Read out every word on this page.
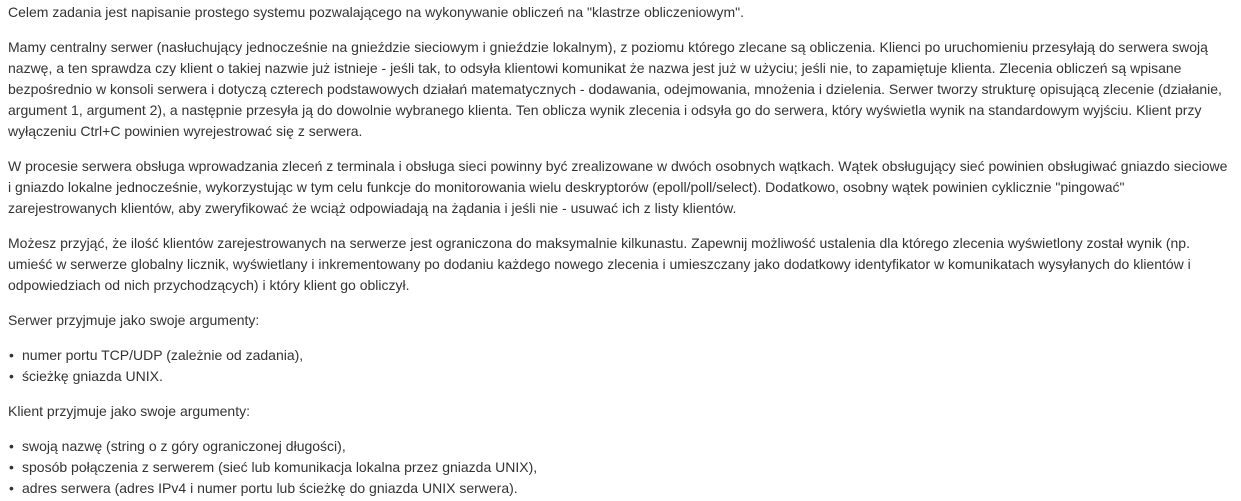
Celem zadania jest napisanie prostego systemu pozwalającego na wykonywanie obliczeń na "klastrze obliczeniowym".

Mamy centralny serwer (nasłuchujący jednocześnie na gnieździe sieciowym i gnieździe lokalnym), z poziomu którego zlecane są obliczenia. Klienci po uruchomieniu przesyłają do serwera swoją nazwę, a ten sprawdza czy klient o takiej nazwie już istnieje - jeśli tak, to odsyła klientowi komunikat że nazwa jest już w użyciu; jeśli nie, to zapamiętuje klienta. Zlecenia obliczeń są wpisane bezpośrednio w konsoli serwera i dotyczą czterech podstawowych działań matematycznych - dodawania, odejmowania, mnożenia i dzielenia. Serwer tworzy strukturę opisującą zlecenie (działanie, argument 1, argument 2), a następnie przesyła ją do dowolnie wybranego klienta. Ten oblicza wynik zlecenia i odsyła go do serwera, który wyświetla wynik na standardowym wyjściu. Klient przy wyłączeniu Ctrl+C powinien wyrejestrować się z serwera.

W procesie serwera obsługa wprowadzania zleceń z terminala i obsługa sieci powinny być zrealizowane w dwóch osobnych wątkach. Wątek obsługujący sieć powinien obsługiwać gniazdo sieciowe i gniazdo lokalne jednocześnie, wykorzystując w tym celu funkcje do monitorowania wielu deskryptorów (epoll/poll/select). Dodatkowo, osobny wątek powinien cyklicznie "pingować" zarejestrowanych klientów, aby zweryfikować że wciąż odpowiadają na żądania i jeśli nie - usuwać ich z listy klientów.

Możesz przyjąć, że ilość klientów zarejestrowanych na serwerze jest ograniczona do maksymalnie kilkunastu. Zapewnij możliwość ustalenia dla którego zlecenia wyświetlony został wynik (np. umieść w serwerze globalny licznik, wyświetlany i inkrementowany po dodaniu każdego nowego zlecenia i umieszczany jako dodatkowy identyfikator w komunikatach wysyłanych do klientów i odpowiedziach od nich przychodzących) i który klient go obliczył.

Serwer przyjmuje jako swoje argumenty:

• numer portu TCP/UDP (zależnie od zadania),
• ścieżkę gniazda UNIX.

Klient przyjmuje jako swoje argumenty:

• swoją nazwę (string o z góry ograniczonej długości),
• sposób połączenia z serwerem (sieć lub komunikacja lokalna przez gniazda UNIX),
• adres serwera (adres IPv4 i numer portu lub ścieżkę do gniazda UNIX serwera).
